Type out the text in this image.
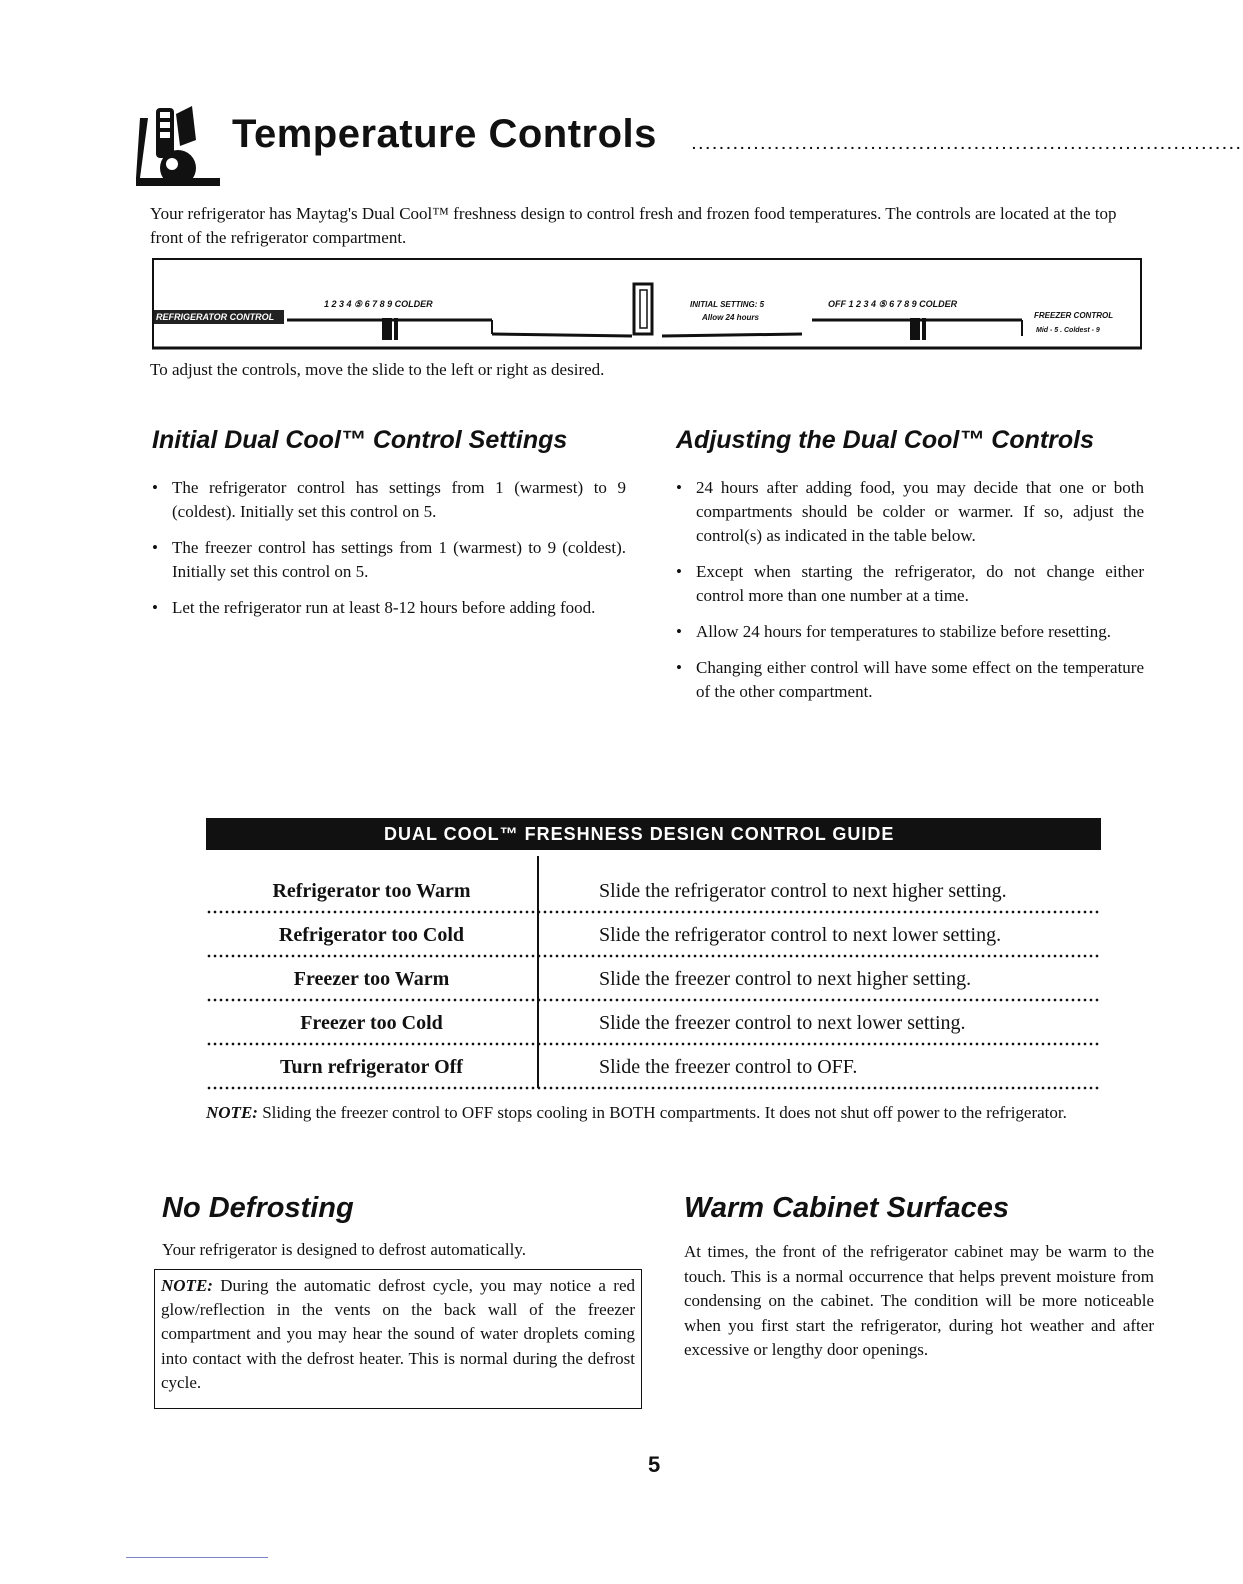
Temperature Controls	................................................................................
Your refrigerator has Maytag's Dual Cool™ freshness design to control fresh and frozen food temperatures. The controls are located at the top front of the refrigerator compartment.
REFRIGERATOR CONTROL
1 2 3 4 ⑤ 6 7 8 9 COLDER	INITIAL SETTING: 5
Allow 24 hours
OFF 1 2 3 4 ⑤ 6 7 8 9 COLDER
FREEZER CONTROL
Mid - 5 . Coldest - 9
To adjust the controls, move the slide to the left or right as desired.
Initial Dual Cool™ Control Settings
• The refrigerator control has settings from 1 (warmest) to 9 (coldest). Initially set this control on 5.
• The freezer control has settings from 1 (warmest) to 9 (coldest). Initially set this control on 5.
• Let the refrigerator run at least 8-12 hours before adding food.
Adjusting the Dual Cool™ Controls
• 24 hours after adding food, you may decide that one or both compartments should be colder or warmer. If so, adjust the control(s) as indicated in the table below.
• Except when starting the refrigerator, do not change either control more than one number at a time.
• Allow 24 hours for temperatures to stabilize before resetting.
• Changing either control will have some effect on the temperature of the other compartment.
DUAL COOL™ FRESHNESS DESIGN CONTROL GUIDE
Refrigerator too Warm	Slide the refrigerator control to next higher setting.
Refrigerator too Cold	Slide the refrigerator control to next lower setting.
Freezer too Warm	Slide the freezer control to next higher setting.
Freezer too Cold	Slide the freezer control to next lower setting.
Turn refrigerator Off	Slide the freezer control to OFF.
NOTE: Sliding the freezer control to OFF stops cooling in BOTH compartments. It does not shut off power to the refrigerator.
No Defrosting
Your refrigerator is designed to defrost automatically.
NOTE: During the automatic defrost cycle, you may notice a red glow/reflection in the vents on the back wall of the freezer compartment and you may hear the sound of water droplets coming into contact with the defrost heater. This is normal during the defrost cycle.
Warm Cabinet Surfaces
At times, the front of the refrigerator cabinet may be warm to the touch. This is a normal occurrence that helps prevent moisture from condensing on the cabinet. The condition will be more noticeable when you first start the refrigerator, during hot weather and after excessive or lengthy door openings.
5
